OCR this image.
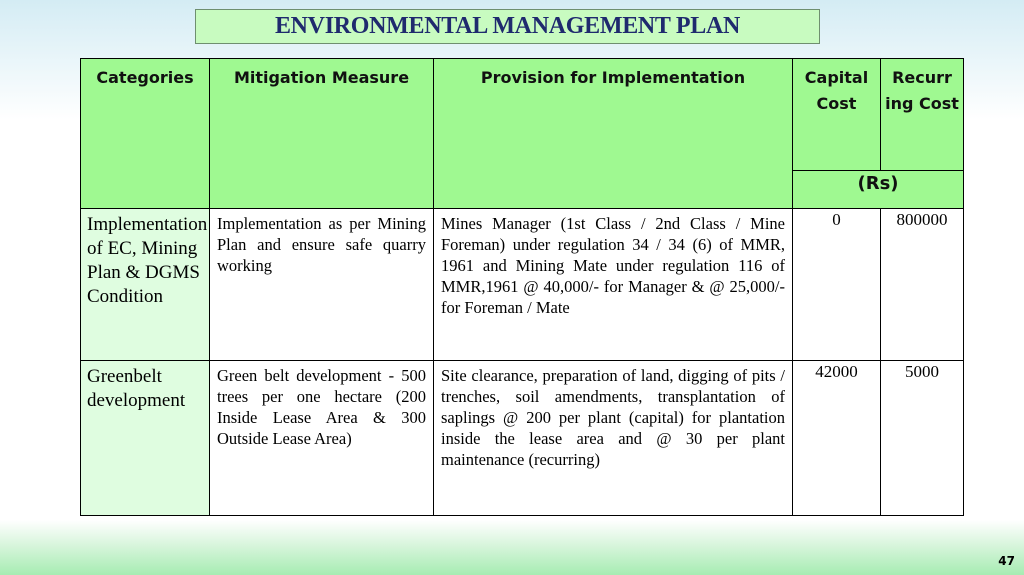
ENVIRONMENTAL MANAGEMENT PLAN
Categories	Mitigation Measure	Provision for Implementation	Capital Cost	Recurr ing Cost
			(Rs)	
Implementation of EC, Mining Plan & DGMS Condition	Implementation as per Mining Plan and ensure safe quarry working	Mines Manager (1st Class / 2nd Class / Mine Foreman) under regulation 34 / 34 (6) of MMR, 1961 and Mining Mate under regulation 116 of MMR,1961 @ 40,000/- for Manager & @ 25,000/- for Foreman / Mate	0	800000
Greenbelt development	Green belt development - 500 trees per one hectare (200 Inside Lease Area & 300 Outside Lease Area)	Site clearance, preparation of land, digging of pits / trenches, soil amendments, transplantation of saplings @ 200 per plant (capital) for plantation inside the lease area and @ 30 per plant maintenance (recurring)	42000	5000
47
